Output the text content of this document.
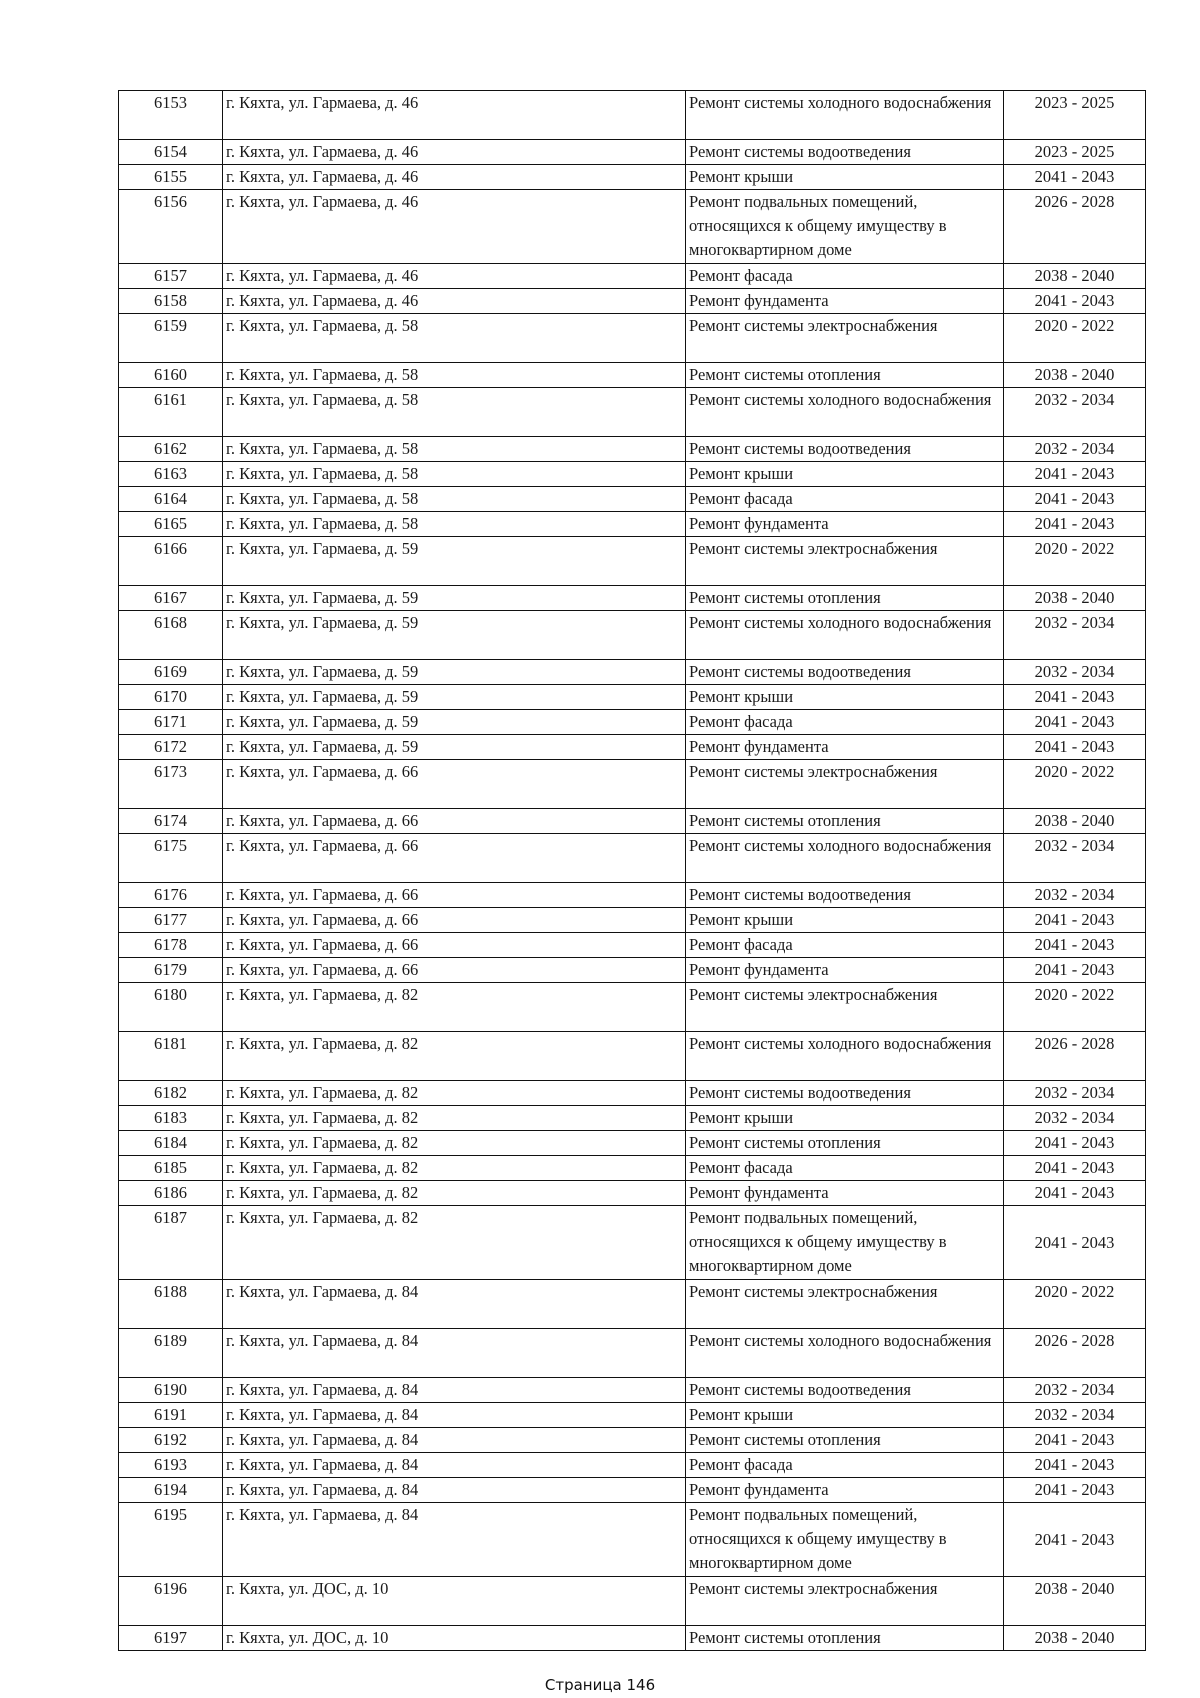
6153	г. Кяхта, ул. Гармаева, д. 46	Ремонт системы холодного водоснабжения	2023 - 2025
6154	г. Кяхта, ул. Гармаева, д. 46	Ремонт системы водоотведения	2023 - 2025
6155	г. Кяхта, ул. Гармаева, д. 46	Ремонт крыши	2041 - 2043
6156	г. Кяхта, ул. Гармаева, д. 46	Ремонт подвальных помещений, относящихся к общему имуществу в многоквартирном доме	2026 - 2028
6157	г. Кяхта, ул. Гармаева, д. 46	Ремонт фасада	2038 - 2040
6158	г. Кяхта, ул. Гармаева, д. 46	Ремонт фундамента	2041 - 2043
6159	г. Кяхта, ул. Гармаева, д. 58	Ремонт системы электроснабжения	2020 - 2022
6160	г. Кяхта, ул. Гармаева, д. 58	Ремонт системы отопления	2038 - 2040
6161	г. Кяхта, ул. Гармаева, д. 58	Ремонт системы холодного водоснабжения	2032 - 2034
6162	г. Кяхта, ул. Гармаева, д. 58	Ремонт системы водоотведения	2032 - 2034
6163	г. Кяхта, ул. Гармаева, д. 58	Ремонт крыши	2041 - 2043
6164	г. Кяхта, ул. Гармаева, д. 58	Ремонт фасада	2041 - 2043
6165	г. Кяхта, ул. Гармаева, д. 58	Ремонт фундамента	2041 - 2043
6166	г. Кяхта, ул. Гармаева, д. 59	Ремонт системы электроснабжения	2020 - 2022
6167	г. Кяхта, ул. Гармаева, д. 59	Ремонт системы отопления	2038 - 2040
6168	г. Кяхта, ул. Гармаева, д. 59	Ремонт системы холодного водоснабжения	2032 - 2034
6169	г. Кяхта, ул. Гармаева, д. 59	Ремонт системы водоотведения	2032 - 2034
6170	г. Кяхта, ул. Гармаева, д. 59	Ремонт крыши	2041 - 2043
6171	г. Кяхта, ул. Гармаева, д. 59	Ремонт фасада	2041 - 2043
6172	г. Кяхта, ул. Гармаева, д. 59	Ремонт фундамента	2041 - 2043
6173	г. Кяхта, ул. Гармаева, д. 66	Ремонт системы электроснабжения	2020 - 2022
6174	г. Кяхта, ул. Гармаева, д. 66	Ремонт системы отопления	2038 - 2040
6175	г. Кяхта, ул. Гармаева, д. 66	Ремонт системы холодного водоснабжения	2032 - 2034
6176	г. Кяхта, ул. Гармаева, д. 66	Ремонт системы водоотведения	2032 - 2034
6177	г. Кяхта, ул. Гармаева, д. 66	Ремонт крыши	2041 - 2043
6178	г. Кяхта, ул. Гармаева, д. 66	Ремонт фасада	2041 - 2043
6179	г. Кяхта, ул. Гармаева, д. 66	Ремонт фундамента	2041 - 2043
6180	г. Кяхта, ул. Гармаева, д. 82	Ремонт системы электроснабжения	2020 - 2022
6181	г. Кяхта, ул. Гармаева, д. 82	Ремонт системы холодного водоснабжения	2026 - 2028
6182	г. Кяхта, ул. Гармаева, д. 82	Ремонт системы водоотведения	2032 - 2034
6183	г. Кяхта, ул. Гармаева, д. 82	Ремонт крыши	2032 - 2034
6184	г. Кяхта, ул. Гармаева, д. 82	Ремонт системы отопления	2041 - 2043
6185	г. Кяхта, ул. Гармаева, д. 82	Ремонт фасада	2041 - 2043
6186	г. Кяхта, ул. Гармаева, д. 82	Ремонт фундамента	2041 - 2043
6187	г. Кяхта, ул. Гармаева, д. 82	Ремонт подвальных помещений, относящихся к общему имуществу в многоквартирном доме	2041 - 2043
6188	г. Кяхта, ул. Гармаева, д. 84	Ремонт системы электроснабжения	2020 - 2022
6189	г. Кяхта, ул. Гармаева, д. 84	Ремонт системы холодного водоснабжения	2026 - 2028
6190	г. Кяхта, ул. Гармаева, д. 84	Ремонт системы водоотведения	2032 - 2034
6191	г. Кяхта, ул. Гармаева, д. 84	Ремонт крыши	2032 - 2034
6192	г. Кяхта, ул. Гармаева, д. 84	Ремонт системы отопления	2041 - 2043
6193	г. Кяхта, ул. Гармаева, д. 84	Ремонт фасада	2041 - 2043
6194	г. Кяхта, ул. Гармаева, д. 84	Ремонт фундамента	2041 - 2043
6195	г. Кяхта, ул. Гармаева, д. 84	Ремонт подвальных помещений, относящихся к общему имуществу в многоквартирном доме	2041 - 2043
6196	г. Кяхта, ул. ДОС, д. 10	Ремонт системы электроснабжения	2038 - 2040
6197	г. Кяхта, ул. ДОС, д. 10	Ремонт системы отопления	2038 - 2040
Страница 146
